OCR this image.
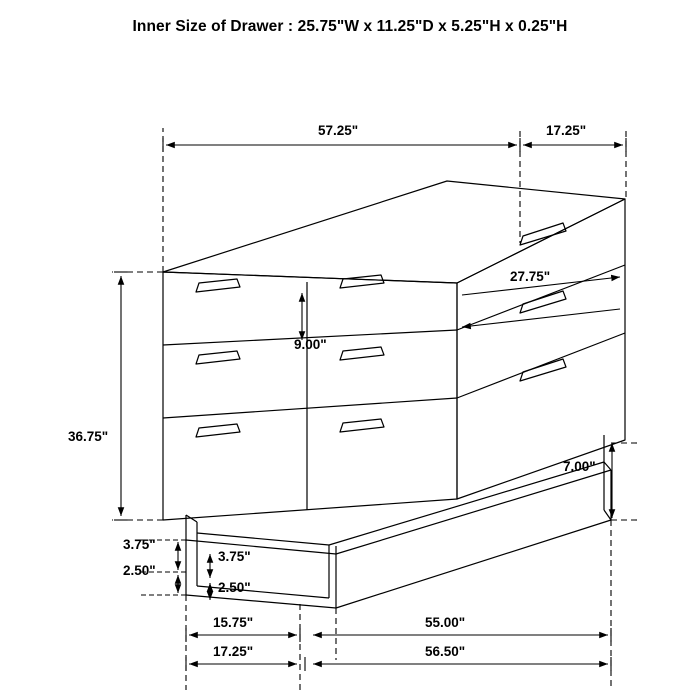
Inner Size of Drawer : 25.75"W x 11.25"D x 5.25"H x 0.25"H
57.25"	17.25"
27.75"
9.00"
36.75"
7.00"
3.75"
3.75"
2.50"
2.50"
15.75"	55.00"
17.25"	56.50"
